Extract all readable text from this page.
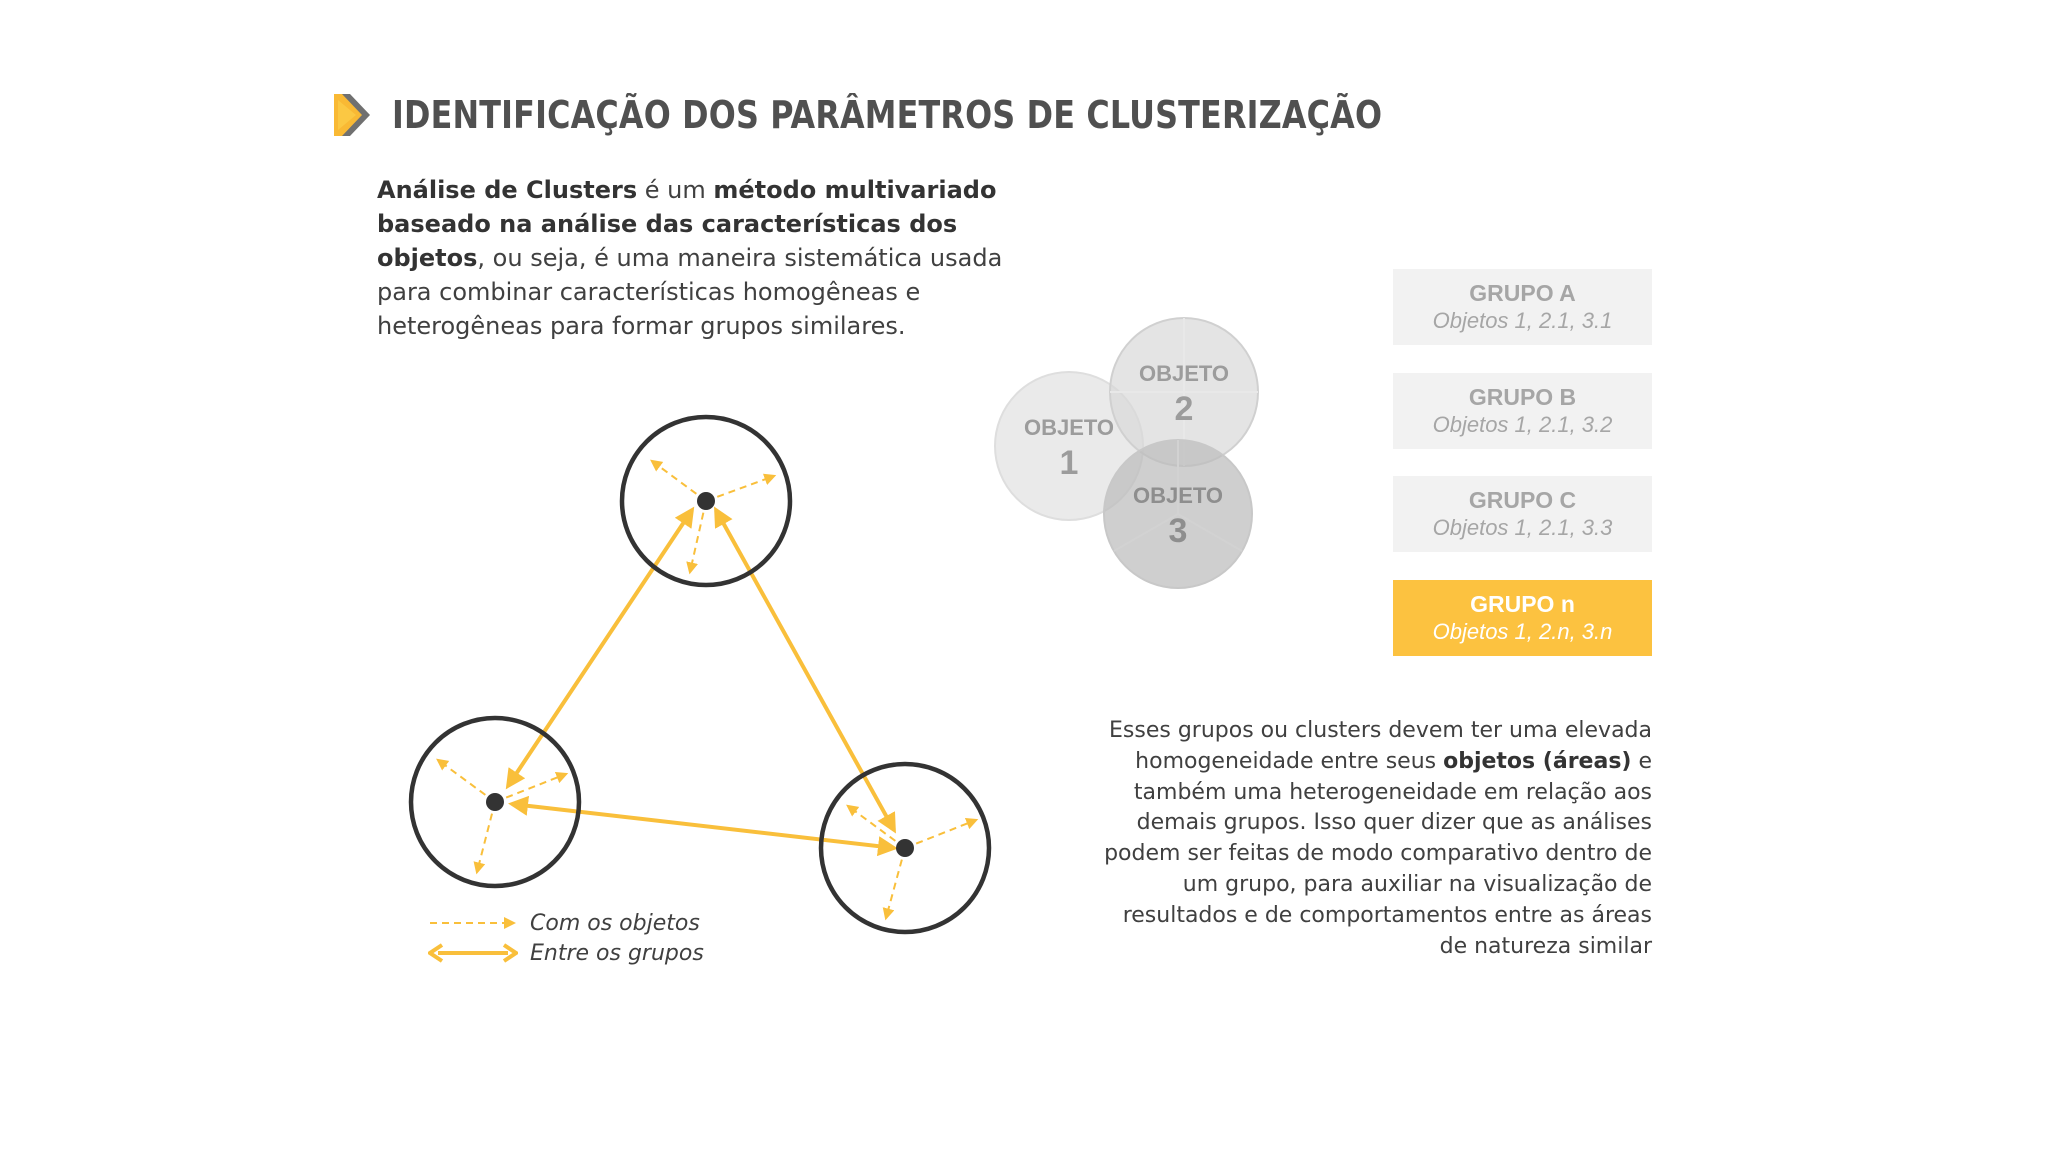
IDENTIFICAÇÃO DOS PARÂMETROS DE CLUSTERIZAÇÃO
Análise de Clusters é um método multivariado baseado na análise das características dos objetos, ou seja, é uma maneira sistemática usada para combinar características homogêneas e heterogêneas para formar grupos similares.
OBJETO
1
OBJETO
2
OBJETO
3
GRUPO A
Objetos 1, 2.1, 3.1
GRUPO B
Objetos 1, 2.1, 3.2
GRUPO C
Objetos 1, 2.1, 3.3
GRUPO n
Objetos 1, 2.n, 3.n
Com os objetos
Entre os grupos
Esses grupos ou clusters devem ter uma elevada homogeneidade entre seus objetos (áreas) e também uma heterogeneidade em relação aos demais grupos. Isso quer dizer que as análises podem ser feitas de modo comparativo dentro de um grupo, para auxiliar na visualização de resultados e de comportamentos entre as áreas de natureza similar
